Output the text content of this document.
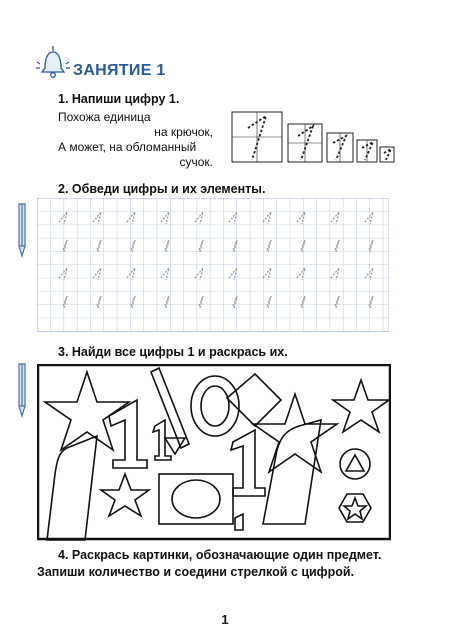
ЗАНЯТИЕ 1
1. Напиши цифру 1.
Похожа единица
на крючок,
А может, на обломанный
сучок.
2. Обведи цифры и их элементы.
3. Найди все цифры 1 и раскрась их.
4. Раскрась картинки, обозначающие один предмет.
Запиши количество и соедини стрелкой с цифрой.
1
